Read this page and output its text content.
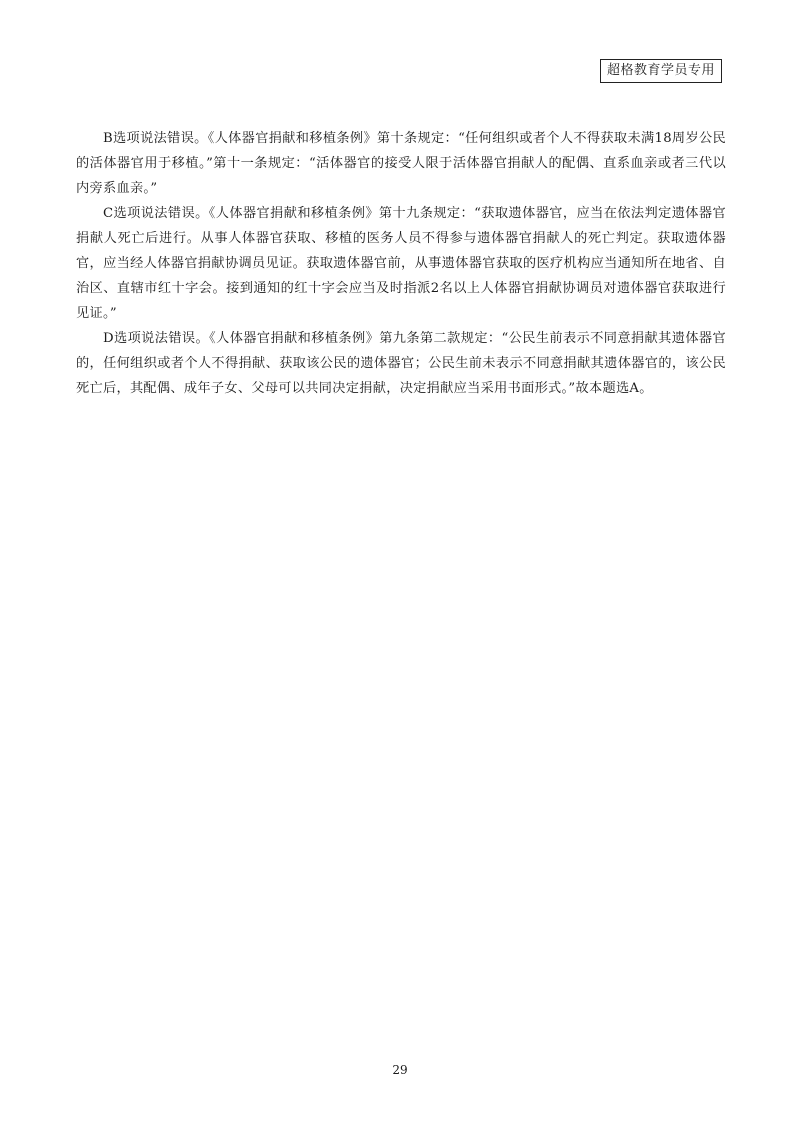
超格教育学员专用

B选项说法错误。《人体器官捐献和移植条例》第十条规定：“任何组织或者个人不得获取未满18周岁公民的活体器官用于移植。”第十一条规定：“活体器官的接受人限于活体器官捐献人的配偶、直系血亲或者三代以内旁系血亲。”

C选项说法错误。《人体器官捐献和移植条例》第十九条规定：“获取遗体器官，应当在依法判定遗体器官捐献人死亡后进行。从事人体器官获取、移植的医务人员不得参与遗体器官捐献人的死亡判定。获取遗体器官，应当经人体器官捐献协调员见证。获取遗体器官前，从事遗体器官获取的医疗机构应当通知所在地省、自治区、直辖市红十字会。接到通知的红十字会应当及时指派2名以上人体器官捐献协调员对遗体器官获取进行见证。”

D选项说法错误。《人体器官捐献和移植条例》第九条第二款规定：“公民生前表示不同意捐献其遗体器官的，任何组织或者个人不得捐献、获取该公民的遗体器官；公民生前未表示不同意捐献其遗体器官的，该公民死亡后，其配偶、成年子女、父母可以共同决定捐献，决定捐献应当采用书面形式。”故本题选A。

29
